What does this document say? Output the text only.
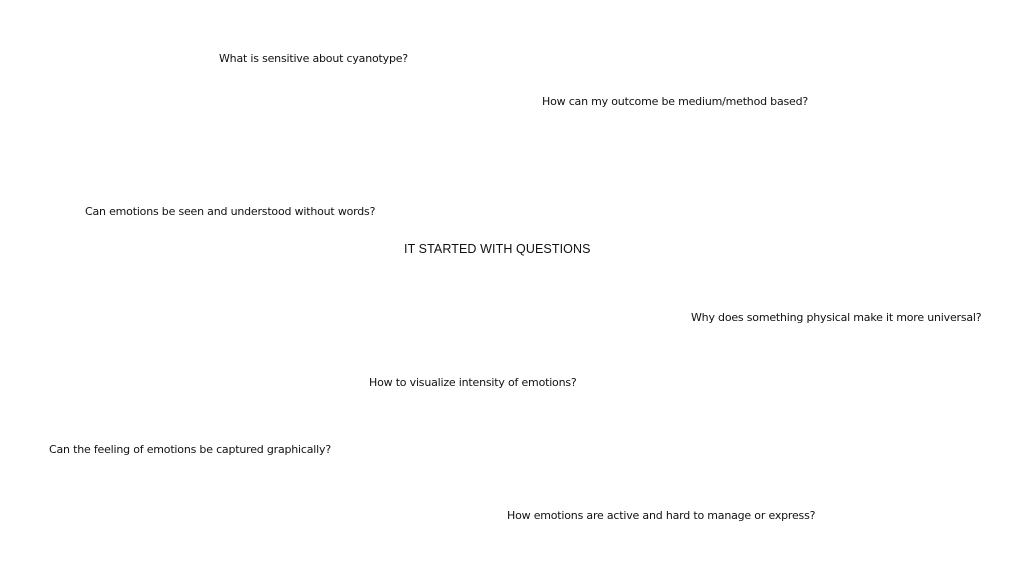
What is sensitive about cyanotype?
How can my outcome be medium/method based?
Can emotions be seen and understood without words?
IT STARTED WITH QUESTIONS
Why does something physical make it more universal?
How to visualize intensity of emotions?
Can the feeling of emotions be captured graphically?
How emotions are active and hard to manage or express?
